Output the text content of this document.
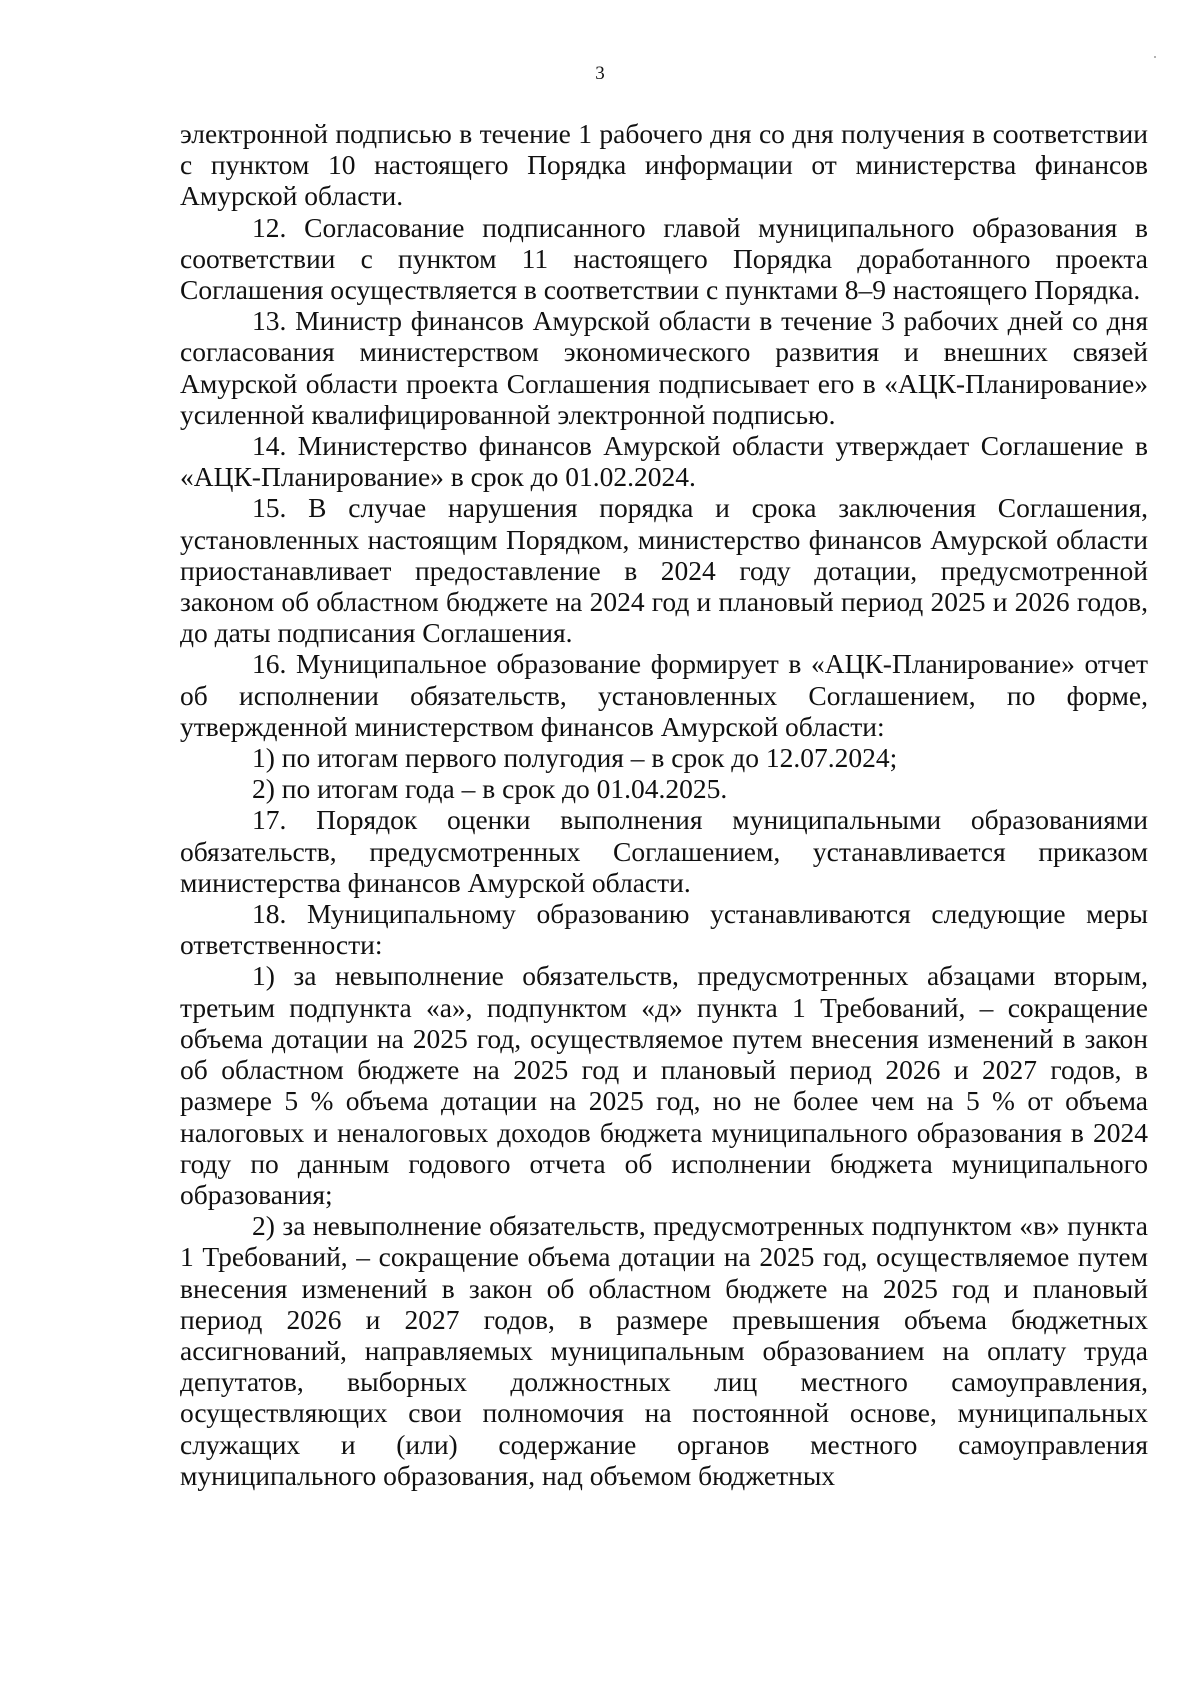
3

электронной подписью в течение 1 рабочего дня со дня получения в соответствии с пунктом 10 настоящего Порядка информации от министерства финансов Амурской области.

12. Согласование подписанного главой муниципального образования в соответствии с пунктом 11 настоящего Порядка доработанного проекта Соглашения осуществляется в соответствии с пунктами 8–9 настоящего Порядка.

13. Министр финансов Амурской области в течение 3 рабочих дней со дня согласования министерством экономического развития и внешних связей Амурской области проекта Соглашения подписывает его в «АЦК-Планирование» усиленной квалифицированной электронной подписью.

14. Министерство финансов Амурской области утверждает Соглашение в «АЦК-Планирование» в срок до 01.02.2024.

15. В случае нарушения порядка и срока заключения Соглашения, установленных настоящим Порядком, министерство финансов Амурской области приостанавливает предоставление в 2024 году дотации, предусмотренной законом об областном бюджете на 2024 год и плановый период 2025 и 2026 годов, до даты подписания Соглашения.

16. Муниципальное образование формирует в «АЦК-Планирование» отчет об исполнении обязательств, установленных Соглашением, по форме, утвержденной министерством финансов Амурской области:

1) по итогам первого полугодия – в срок до 12.07.2024;

2) по итогам года – в срок до 01.04.2025.

17. Порядок оценки выполнения муниципальными образованиями обязательств, предусмотренных Соглашением, устанавливается приказом министерства финансов Амурской области.

18. Муниципальному образованию устанавливаются следующие меры ответственности:

1) за невыполнение обязательств, предусмотренных абзацами вторым, третьим подпункта «а», подпунктом «д» пункта 1 Требований, – сокращение объема дотации на 2025 год, осуществляемое путем внесения изменений в закон об областном бюджете на 2025 год и плановый период 2026 и 2027 годов, в размере 5 % объема дотации на 2025 год, но не более чем на 5 % от объема налоговых и неналоговых доходов бюджета муниципального образования в 2024 году по данным годового отчета об исполнении бюджета муниципального образования;

2) за невыполнение обязательств, предусмотренных подпунктом «в» пункта 1 Требований, – сокращение объема дотации на 2025 год, осуществляемое путем внесения изменений в закон об областном бюджете на 2025 год и плановый период 2026 и 2027 годов, в размере превышения объема бюджетных ассигнований, направляемых муниципальным образованием на оплату труда депутатов, выборных должностных лиц местного самоуправления, осуществляющих свои полномочия на постоянной основе, муниципальных служащих и (или) содержание органов местного самоуправления муниципального образования, над объемом бюджетных
